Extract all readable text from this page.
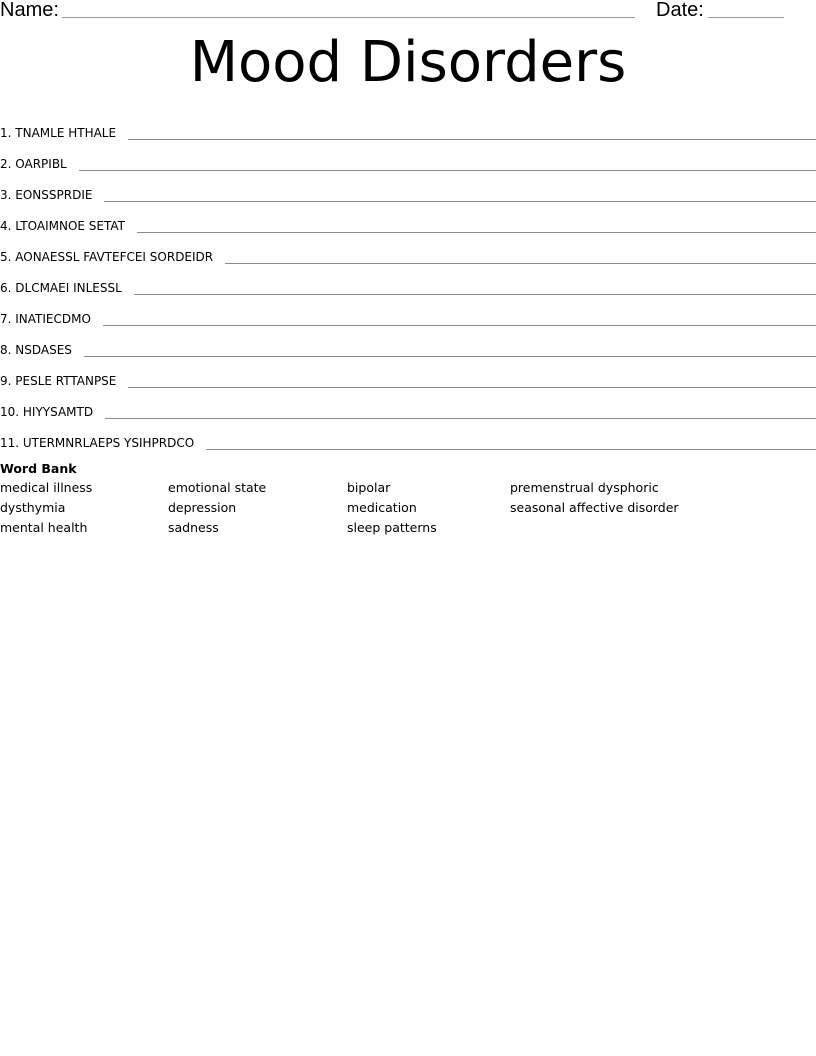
Name:	Date:
Mood Disorders
1. TNAMLE HTHALE
2. OARPIBL
3. EONSSPRDIE
4. LTOAIMNOE SETAT
5. AONAESSL FAVTEFCEI SORDEIDR
6. DLCMAEI INLESSL
7. INATIECDMO
8. NSDASES
9. PESLE RTTANPSE
10. HIYYSAMTD
11. UTERMNRLAEPS YSIHPRDCO
Word Bank
medical illness	emotional state	bipolar	premenstrual dysphoric
dysthymia	depression	medication	seasonal affective disorder
mental health	sadness	sleep patterns
